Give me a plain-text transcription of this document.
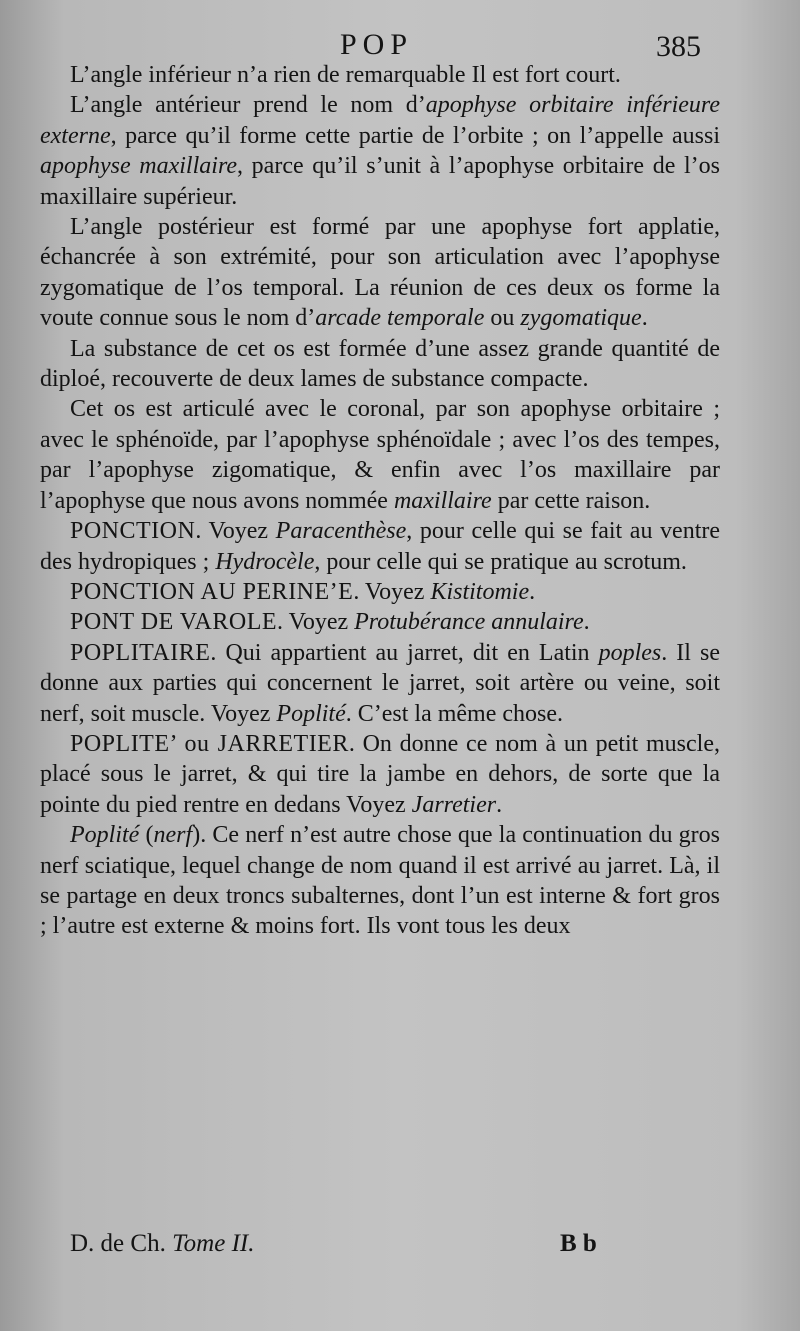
POP	385

L’angle inférieur n’a rien de remarquable Il est fort court.

L’angle antérieur prend le nom d’apophyse orbitaire inférieure externe, parce qu’il forme cette partie de l’orbite ; on l’appelle aussi apophyse maxillaire, parce qu’il s’unit à l’apophyse orbitaire de l’os maxillaire supérieur.

L’angle postérieur est formé par une apophyse fort applatie, échancrée à son extrémité, pour son articulation avec l’apophyse zygomatique de l’os temporal. La réunion de ces deux os forme la voute connue sous le nom d’arcade temporale ou zygomatique.

La substance de cet os est formée d’une assez grande quantité de diploé, recouverte de deux lames de substance compacte.

Cet os est articulé avec le coronal, par son apophyse orbitaire ; avec le sphénoïde, par l’apophyse sphénoïdale ; avec l’os des tempes, par l’apophyse zigomatique, & enfin avec l’os maxillaire par l’apophyse que nous avons nommée maxillaire par cette raison.

PONCTION. Voyez Paracenthèse, pour celle qui se fait au ventre des hydropiques ; Hydrocèle, pour celle qui se pratique au scrotum.

PONCTION AU PERINE’E. Voyez Kistitomie.

PONT DE VAROLE. Voyez Protubérance annulaire.

POPLITAIRE. Qui appartient au jarret, dit en Latin poples. Il se donne aux parties qui concernent le jarret, soit artère ou veine, soit nerf, soit muscle. Voyez Poplité. C’est la même chose.

POPLITE’ ou JARRETIER. On donne ce nom à un petit muscle, placé sous le jarret, & qui tire la jambe en dehors, de sorte que la pointe du pied rentre en dedans Voyez Jarretier.

Poplité (nerf). Ce nerf n’est autre chose que la continuation du gros nerf sciatique, lequel change de nom quand il est arrivé au jarret. Là, il se partage en deux troncs subalternes, dont l’un est interne & fort gros ; l’autre est externe & moins fort. Ils vont tous les deux

D. de Ch. Tome II.	B b
